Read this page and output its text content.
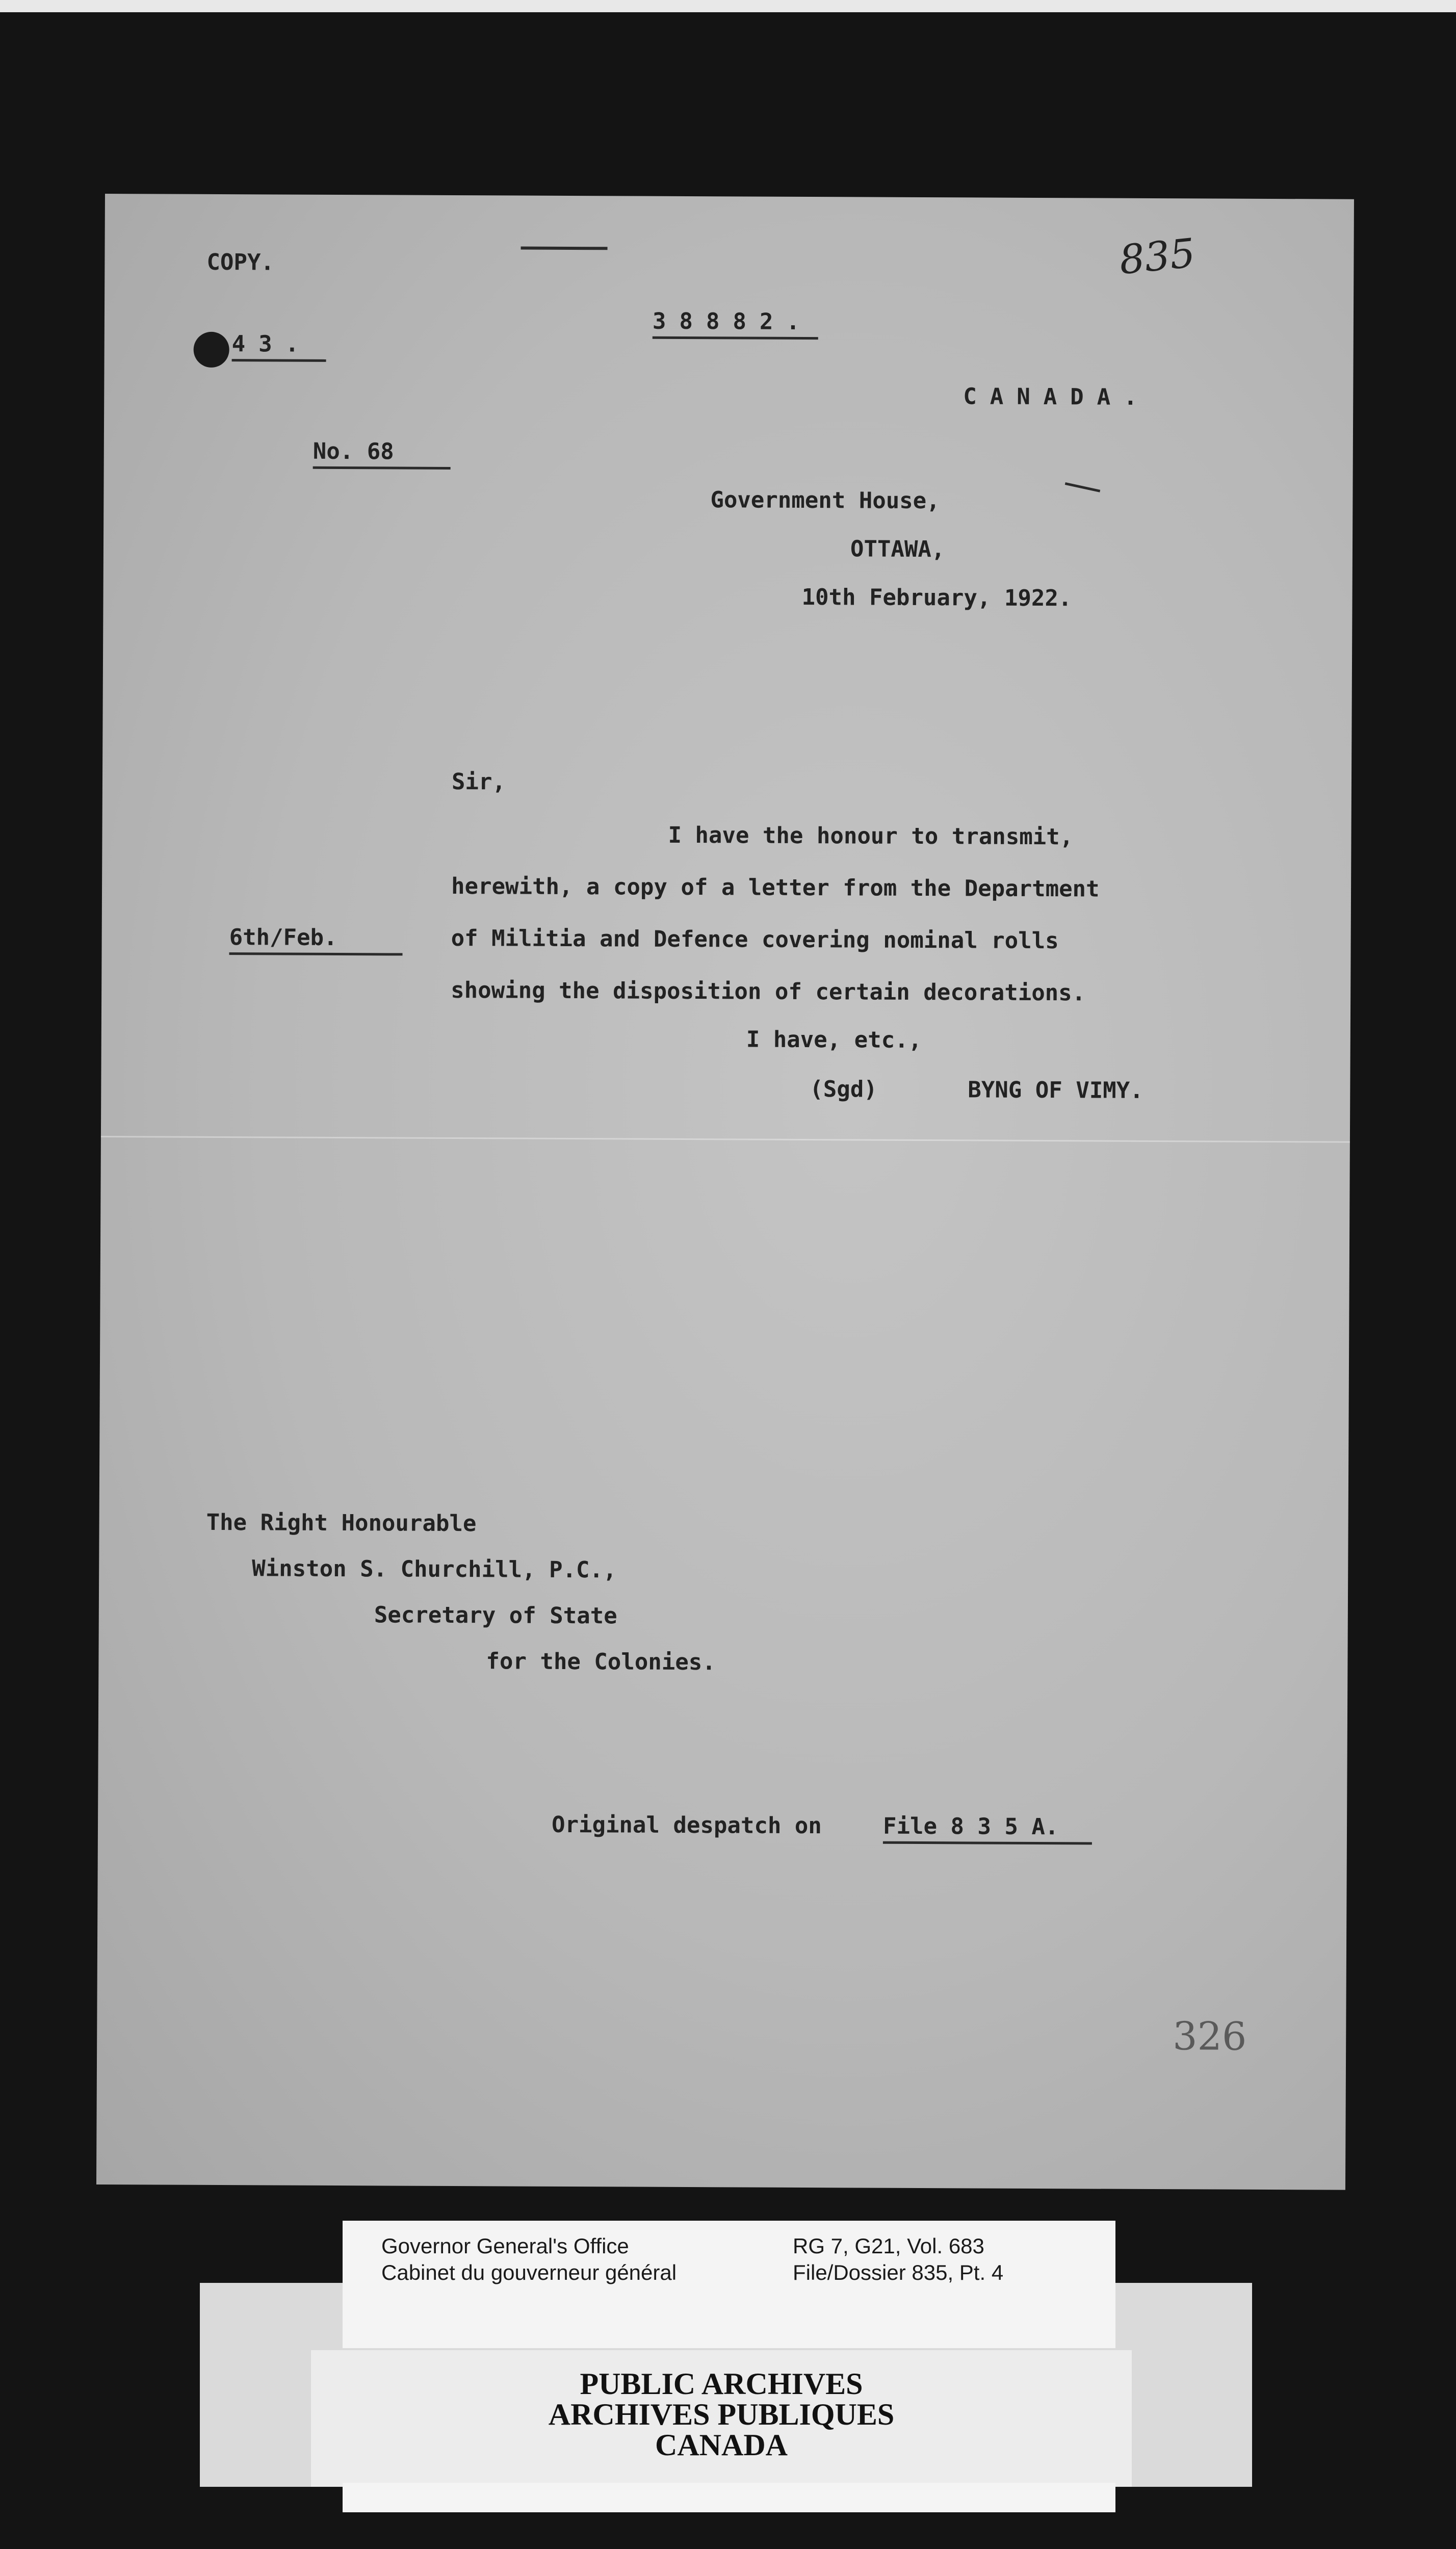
COPY.
43.
38882.
835
CANADA.
No. 68
Government House,
OTTAWA,
10th February, 1922.
Sir,
I have the honour to transmit,
herewith, a copy of a letter from the Department
6th/Feb.	of Militia and Defence covering nominal rolls
showing the disposition of certain decorations.
I have, etc.,
(Sgd)	BYNG OF VIMY.
The Right Honourable
Winston S. Churchill, P.C.,
Secretary of State
for the Colonies.
Original despatch on File 8 3 5 A.
326
Governor General's Office
Cabinet du gouverneur général
RG 7, G21, Vol. 683
File/Dossier 835, Pt. 4
PUBLIC ARCHIVES
ARCHIVES PUBLIQUES
CANADA
